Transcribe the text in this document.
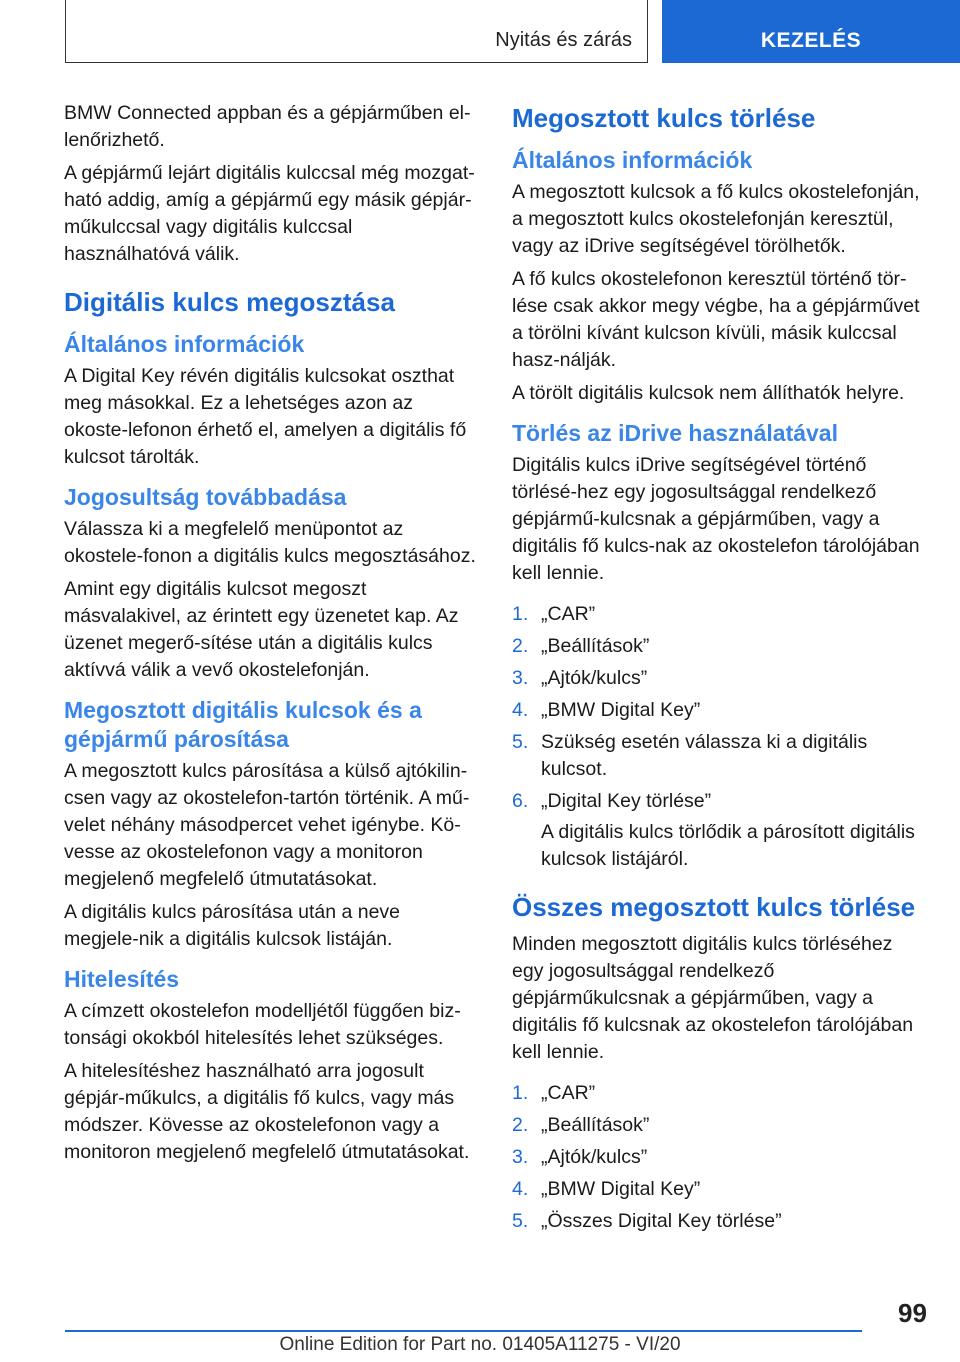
Nyitás és zárás	KEZELÉS

BMW Connected appban és a gépjárműben el-lenőrizhető.

A gépjármű lejárt digitális kulccsal még mozgat-ható addig, amíg a gépjármű egy másik gépjár-műkulccsal vagy digitális kulccsal használhatóvá válik.

Digitális kulcs megosztása
Általános információk

A Digital Key révén digitális kulcsokat oszthat meg másokkal. Ez a lehetséges azon az okoste-lefonon érhető el, amelyen a digitális fő kulcsot tárolták.

Jogosultság továbbadása

Válassza ki a megfelelő menüpontot az okostele-fonon a digitális kulcs megosztásához.

Amint egy digitális kulcsot megoszt másvalakivel, az érintett egy üzenetet kap. Az üzenet megerő-sítése után a digitális kulcs aktívvá válik a vevő okostelefonján.

Megosztott digitális kulcsok és a gépjármű párosítása

A megosztott kulcs párosítása a külső ajtókilin-csen vagy az okostelefon-tartón történik. A mű-velet néhány másodpercet vehet igénybe. Kö-vesse az okostelefonon vagy a monitoron megjelenő megfelelő útmutatásokat.

A digitális kulcs párosítása után a neve megjele-nik a digitális kulcsok listáján.

Hitelesítés

A címzett okostelefon modelljétől függően biz-tonsági okokból hitelesítés lehet szükséges.

A hitelesítéshez használható arra jogosult gépjár-műkulcs, a digitális fő kulcs, vagy más módszer. Kövesse az okostelefonon vagy a monitoron megjelenő megfelelő útmutatásokat.

Megosztott kulcs törlése
Általános információk

A megosztott kulcsok a fő kulcs okostelefonján, a megosztott kulcs okostelefonján keresztül, vagy az iDrive segítségével törölhetők.

A fő kulcs okostelefonon keresztül történő tör-lése csak akkor megy végbe, ha a gépjárművet a törölni kívánt kulcson kívüli, másik kulccsal hasz-nálják.

A törölt digitális kulcsok nem állíthatók helyre.

Törlés az iDrive használatával

Digitális kulcs iDrive segítségével történő törlésé-hez egy jogosultsággal rendelkező gépjármű-kulcsnak a gépjárműben, vagy a digitális fő kulcs-nak az okostelefon tárolójában kell lennie.

1. „CAR”
2. „Beállítások”
3. „Ajtók/kulcs”
4. „BMW Digital Key”
5. Szükség esetén válassza ki a digitális kulcsot.
6. „Digital Key törlése”
A digitális kulcs törlődik a párosított digitális kulcsok listájáról.
Összes megosztott kulcs törlése

Minden megosztott digitális kulcs törléséhez egy jogosultsággal rendelkező gépjárműkulcsnak a gépjárműben, vagy a digitális fő kulcsnak az okostelefon tárolójában kell lennie.

1. „CAR”
2. „Beállítások”
3. „Ajtók/kulcs”
4. „BMW Digital Key”
5. „Összes Digital Key törlése”
99
Online Edition for Part no. 01405A11275 - VI/20
